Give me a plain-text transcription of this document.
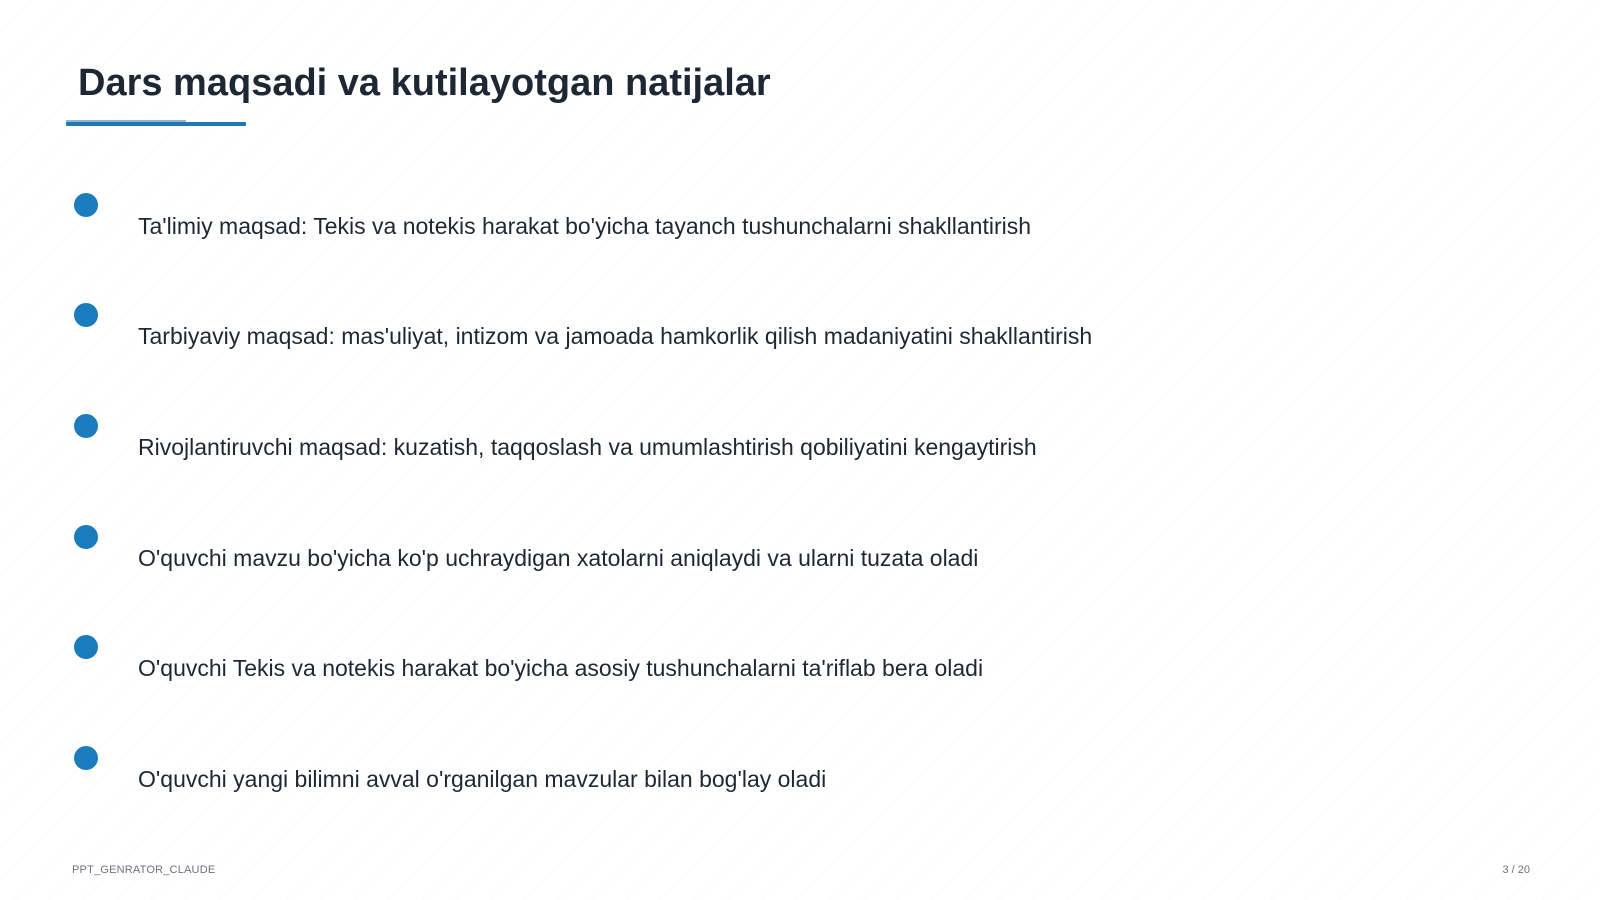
Dars maqsadi va kutilayotgan natijalar
Ta'limiy maqsad: Tekis va notekis harakat bo'yicha tayanch tushunchalarni shakllantirish
Tarbiyaviy maqsad: mas'uliyat, intizom va jamoada hamkorlik qilish madaniyatini shakllantirish
Rivojlantiruvchi maqsad: kuzatish, taqqoslash va umumlashtirish qobiliyatini kengaytirish
O'quvchi mavzu bo'yicha ko'p uchraydigan xatolarni aniqlaydi va ularni tuzata oladi
O'quvchi Tekis va notekis harakat bo'yicha asosiy tushunchalarni ta'riflab bera oladi
O'quvchi yangi bilimni avval o'rganilgan mavzular bilan bog'lay oladi
PPT_GENRATOR_CLAUDE	3 / 20
